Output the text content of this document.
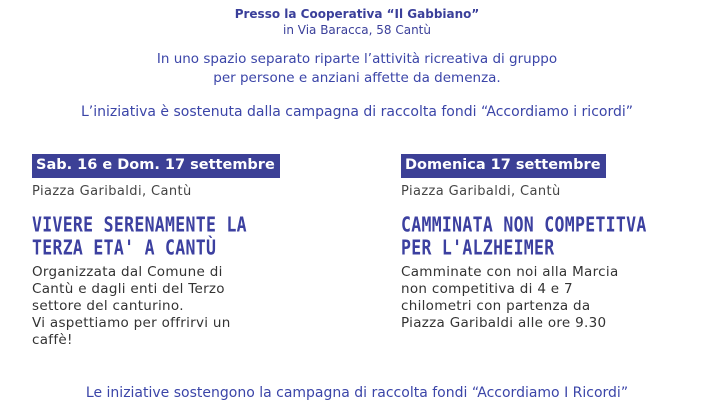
Presso la Cooperativa “Il Gabbiano”
in Via Baracca, 58 Cantù
In uno spazio separato riparte l’attività ricreativa di gruppo
per persone e anziani affette da demenza.
L’iniziativa è sostenuta dalla campagna di raccolta fondi “Accordiamo i ricordi”
Sab. 16 e Dom. 17 settembre
Piazza Garibaldi, Cantù
VIVERE SERENAMENTE LA
TERZA ETA' A CANTÙ
Organizzata dal Comune di
Cantù e dagli enti del Terzo
settore del canturino.
Vi aspettiamo per offrirvi un
caffè!
Domenica 17 settembre
Piazza Garibaldi, Cantù
CAMMINATA NON COMPETITVA
PER L'ALZHEIMER
Camminate con noi alla Marcia
non competitiva di 4 e 7
chilometri con partenza da
Piazza Garibaldi alle ore 9.30
Le iniziative sostengono la campagna di raccolta fondi “Accordiamo I Ricordi”
